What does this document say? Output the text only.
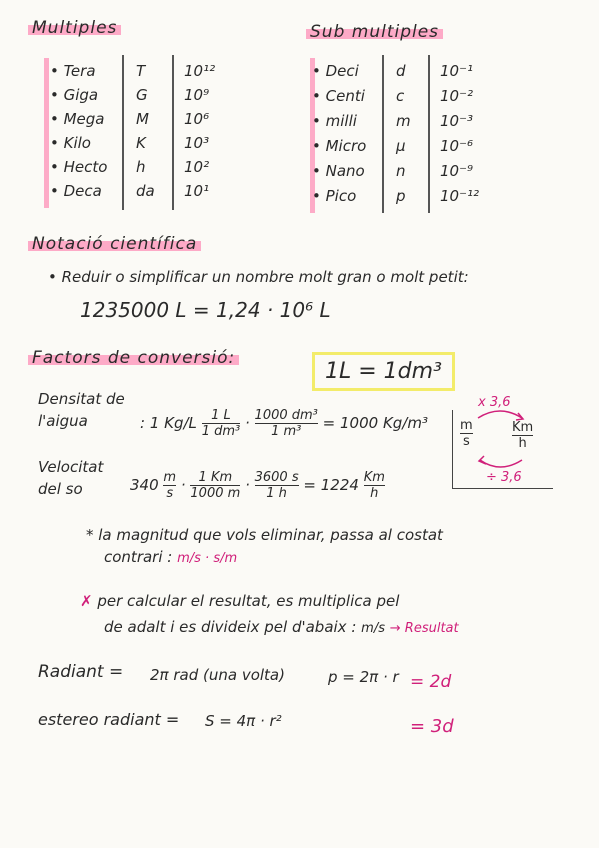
Multiples
• Tera	T	10¹²
• Giga	G 10⁹
• Mega M 10⁶
• Kilo	K	10³
• Hecto h	10²
• Deca da 10¹
Sub multiples
• Deci d 10⁻¹
• Centi c 10⁻²
• milli	m 10⁻³
• Micro μ 10⁻⁶
• Nano n 10⁻⁹
• Pico	p 10⁻¹²
Notació científica
• Reduir o simplificar un nombre molt gran o molt petit:
1235000 L = 1,24 · 10⁶ L
Factors de conversió:
1L = 1dm³
Densitat de
l'aigua	: 1 $Kg/L \frac{1 L}{\text{1 dm³}} \cdot \frac{\text{1000 dm³}}{\text{1 m³}} = 1000$ Kg/m³
x 3,6
$\frac{m}{s}$	$\frac{Km}{h}$
÷ 3,6
Velocitat
del so	$340 \frac{m}{s} \cdot \frac{1 Km}{1000 m} \cdot \frac{3600 s}{1 h} = 1224 \frac{Km}{h}$
* la magnitud que vols eliminar, passa al costat
contrari : m/s · s/m
✗ per calcular el resultat, es multiplica pel
de adalt i es divideix pel d'abaix : m/s → Resultat
Radiant = 2π rad (una volta)	p = 2π · r = 2d
estereo radiant = S = 4π · r²	= 3d
